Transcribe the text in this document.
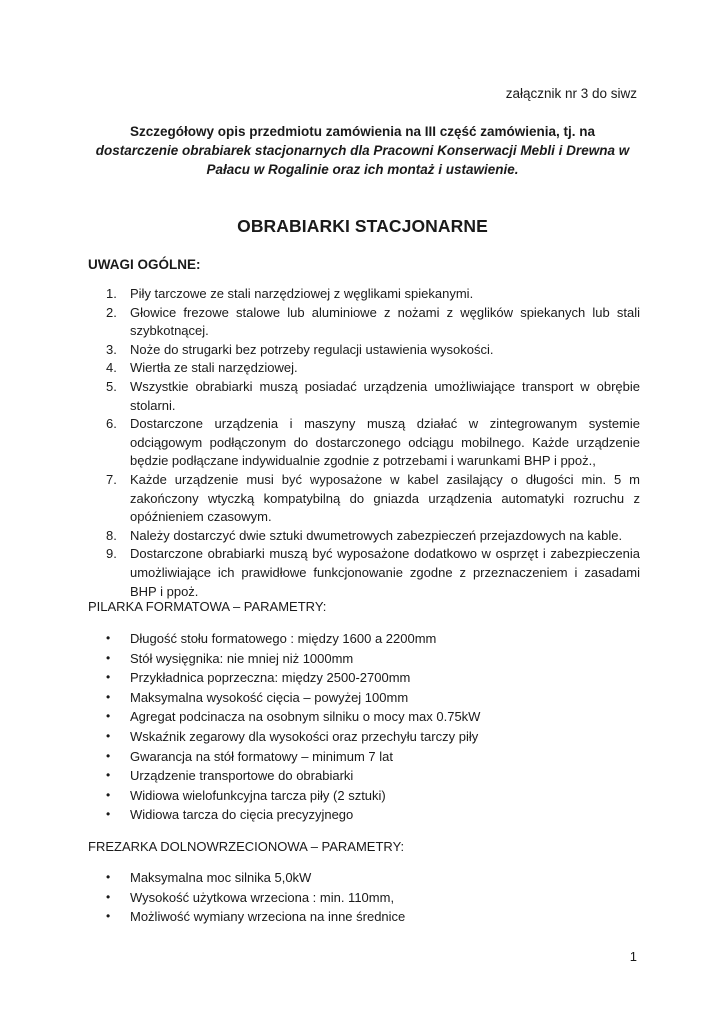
załącznik nr 3 do siwz
Szczegółowy opis przedmiotu zamówienia na III część zamówienia, tj. na dostarczenie obrabiarek stacjonarnych dla Pracowni Konserwacji Mebli i Drewna w Pałacu w Rogalinie oraz ich montaż i ustawienie.
OBRABIARKI STACJONARNE
UWAGI OGÓLNE:
1. Piły tarczowe ze stali narzędziowej z węglikami spiekanymi.
2. Głowice frezowe stalowe lub aluminiowe z nożami z węglików spiekanych lub stali szybkotnącej.
3. Noże do strugarki bez potrzeby regulacji ustawienia wysokości.
4. Wiertła ze stali narzędziowej.
5. Wszystkie obrabiarki muszą posiadać urządzenia umożliwiające transport w obrębie stolarni.
6. Dostarczone urządzenia i maszyny muszą działać w zintegrowanym systemie odciągowym podłączonym do dostarczonego odciągu mobilnego. Każde urządzenie będzie podłączane indywidualnie zgodnie z potrzebami i warunkami BHP i ppoż.,
7. Każde urządzenie musi być wyposażone w kabel zasilający o długości min. 5 m zakończony wtyczką kompatybilną do gniazda urządzenia automatyki rozruchu z opóźnieniem czasowym.
8. Należy dostarczyć dwie sztuki dwumetrowych zabezpieczeń przejazdowych na kable.
9. Dostarczone obrabiarki muszą być wyposażone dodatkowo w osprzęt i zabezpieczenia umożliwiające ich prawidłowe funkcjonowanie zgodne z przeznaczeniem i zasadami BHP i ppoż.
PILARKA FORMATOWA – PARAMETRY:
• Długość stołu formatowego : między 1600 a 2200mm
• Stół wysięgnika: nie mniej niż 1000mm
• Przykładnica poprzeczna: między 2500-2700mm
• Maksymalna wysokość cięcia – powyżej 100mm
• Agregat podcinacza na osobnym silniku o mocy max 0.75kW
• Wskaźnik zegarowy dla wysokości oraz przechyłu tarczy piły
• Gwarancja na stół formatowy – minimum 7 lat
• Urządzenie transportowe do obrabiarki
• Widiowa wielofunkcyjna tarcza piły (2 sztuki)
• Widiowa tarcza do cięcia precyzyjnego
FREZARKA DOLNOWRZECIONOWA – PARAMETRY:
• Maksymalna moc silnika 5,0kW
• Wysokość użytkowa wrzeciona : min. 110mm,
• Możliwość wymiany wrzeciona na inne średnice
1
